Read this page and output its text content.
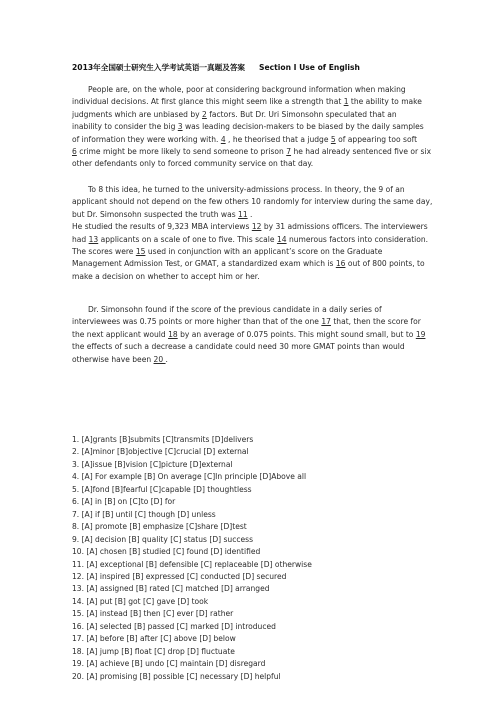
2013年全国硕士研究生入学考试英语一真题及答案 Section I Use of English
People are, on the whole, poor at considering background information when making
individual decisions. At first glance this might seem like a strength that 1 the ability to make
judgments which are unbiased by 2 factors. But Dr. Uri Simonsohn speculated that an
inability to consider the big 3 was leading decision-makers to be biased by the daily samples
of information they were working with. 4 , he theorised that a judge 5 of appearing too soft
6 crime might be more likely to send someone to prison 7 he had already sentenced five or six
other defendants only to forced community service on that day.
To 8 this idea, he turned to the university-admissions process. In theory, the 9 of an
applicant should not depend on the few others 10 randomly for interview during the same day,
but Dr. Simonsohn suspected the truth was 11 .
He studied the results of 9,323 MBA interviews 12 by 31 admissions officers. The interviewers
had 13 applicants on a scale of one to five. This scale 14 numerous factors into consideration.
The scores were 15 used in conjunction with an applicant’s score on the Graduate
Management Admission Test, or GMAT, a standardized exam which is 16 out of 800 points, to
make a decision on whether to accept him or her.
Dr. Simonsohn found if the score of the previous candidate in a daily series of
interviewees was 0.75 points or more higher than that of the one 17 that, then the score for
the next applicant would 18 by an average of 0.075 points. This might sound small, but to 19
the effects of such a decrease a candidate could need 30 more GMAT points than would
otherwise have been 20 .
1. [A]grants [B]submits [C]transmits [D]delivers
2. [A]minor [B]objective [C]crucial [D] external
3. [A]issue [B]vision [C]picture [D]external
4. [A] For example [B] On average [C]In principle [D]Above all
5. [A]fond [B]fearful [C]capable [D] thoughtless
6. [A] in [B] on [C]to [D] for
7. [A] if [B] until [C] though [D] unless
8. [A] promote [B] emphasize [C]share [D]test
9. [A] decision [B] quality [C] status [D] success
10. [A] chosen [B] studied [C] found [D] identified
11. [A] exceptional [B] defensible [C] replaceable [D] otherwise
12. [A] inspired [B] expressed [C] conducted [D] secured
13. [A] assigned [B] rated [C] matched [D] arranged
14. [A] put [B] got [C] gave [D] took
15. [A] instead [B] then [C] ever [D] rather
16. [A] selected [B] passed [C] marked [D] introduced
17. [A] before [B] after [C] above [D] below
18. [A] jump [B] float [C] drop [D] fluctuate
19. [A] achieve [B] undo [C] maintain [D] disregard
20. [A] promising [B] possible [C] necessary [D] helpful
